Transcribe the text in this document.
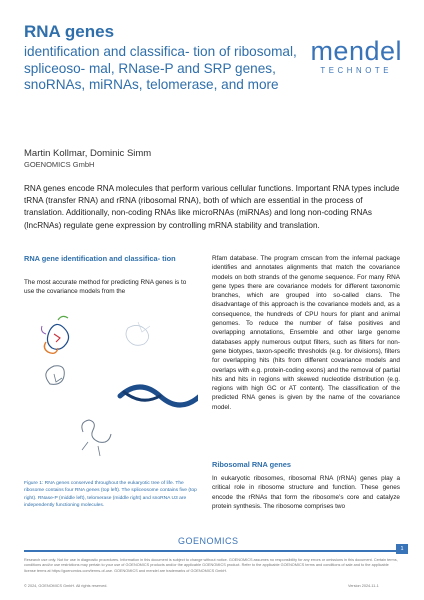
RNA genes
identification and classifica- tion of ribosomal, spliceoso- mal, RNase-P and SRP genes, snoRNAs, miRNAs, telomerase, and more
mendel
TECHNOTE
Martin Kollmar, Dominic Simm
GOENOMICS GmbH
RNA genes encode RNA molecules that perform various cellular functions. Important RNA types include tRNA (transfer RNA) and rRNA (ribosomal RNA), both of which are essential in the process of translation. Additionally, non-coding RNAs like microRNAs (miRNAs) and long non-coding RNAs (lncRNAs) regulate gene expression by controlling mRNA stability and translation.
RNA gene identification and classifica- tion
The most accurate method for predicting RNA genes is to use the covariance models from the
Figure 1: RNA genes conserved throughout the eukaryotic tree of life. The ribosome contains four RNA genes (top left). The spliceosome contains five (top right). RNase-P (middle left), telomerase (middle right) and snoRNA U3 are independently functioning molecules.
Rfam database. The program cmscan from the infernal package identifies and annotates alignments that match the covariance models on both strands of the genome sequence. For many RNA gene types there are covariance models for different taxonomic branches, which are grouped into so-called clans. The disadvantage of this approach is the covariance models and, as a consequence, the hundreds of CPU hours for plant and animal genomes. To reduce the number of false positives and overlapping annotations, Ensemble and other large genome databases apply numerous output filters, such as filters for non-gene biotypes, taxon-specific thresholds (e.g. for divisions), filters for overlapping hits (hits from different covariance models and overlaps with e.g. protein-coding exons) and the removal of partial hits and hits in regions with skewed nucleotide distribution (e.g. regions with high GC or AT content). The classification of the predicted RNA genes is given by the name of the covariance model.
Ribosomal RNA genes
In eukaryotic ribosomes, ribosomal RNA (rRNA) genes play a critical role in ribosome structure and function. These genes encode the rRNAs that form the ribosome's core and catalyze protein synthesis. The ribosome comprises two
GOENOMICS
1
Research use only. Not for use in diagnostic procedures. Information in this document is subject to change without notice. GOENOMICS assumes no responsibility for any errors or omissions in this document. Certain terms, conditions and/or use restrictions may pertain to your use of GOENOMICS products and/or the applicable GOENOMICS product. Refer to the applicable GOENOMICS terms and conditions of sale and to the applicable license terms at https://goenomics.com/terms-of-use. GOENOMICS and mendel are trademarks of GOENOMICS GmbH.
© 2024, GOENOMICS GmbH. All rights reserved.	Version 2024-11-1
